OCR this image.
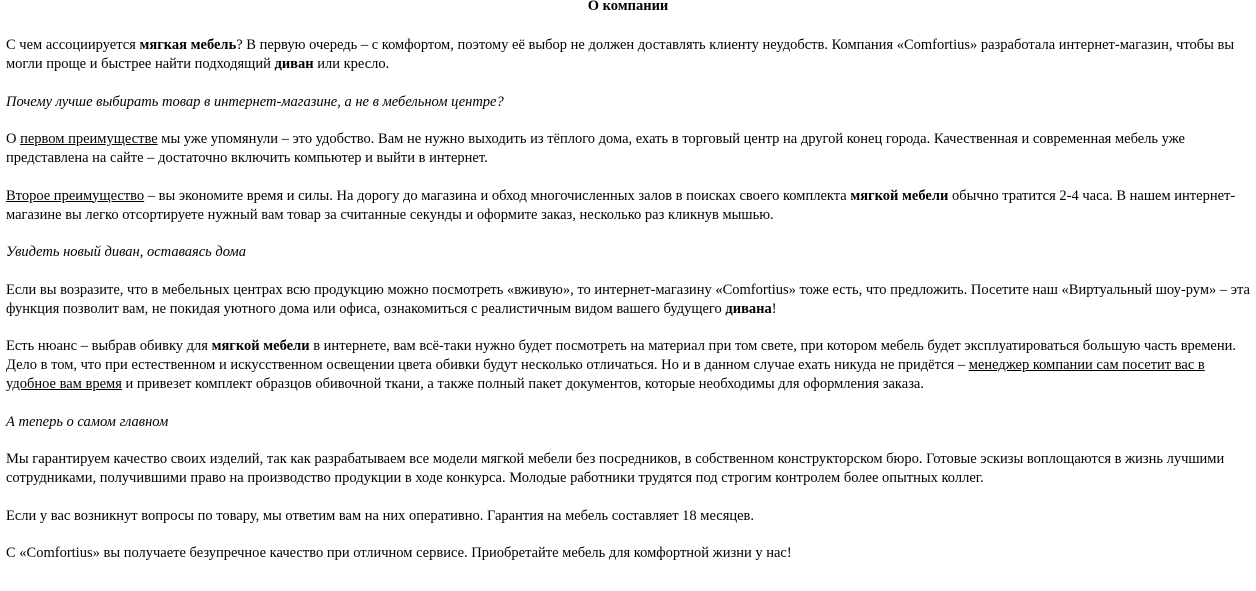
О компании

С чем ассоциируется мягкая мебель? В первую очередь – с комфортом, поэтому её выбор не должен доставлять клиенту неудобств. Компания «Comfortius» разработала интернет-магазин, чтобы вы могли проще и быстрее найти подходящий диван или кресло.

Почему лучше выбирать товар в интернет-магазине, а не в мебельном центре?

О первом преимуществе мы уже упомянули – это удобство. Вам не нужно выходить из тёплого дома, ехать в торговый центр на другой конец города. Качественная и современная мебель уже представлена на сайте – достаточно включить компьютер и выйти в интернет.

Второе преимущество – вы экономите время и силы. На дорогу до магазина и обход многочисленных залов в поисках своего комплекта мягкой мебели обычно тратится 2-4 часа. В нашем интернет-магазине вы легко отсортируете нужный вам товар за считанные секунды и оформите заказ, несколько раз кликнув мышью.

Увидеть новый диван, оставаясь дома

Если вы возразите, что в мебельных центрах всю продукцию можно посмотреть «вживую», то интернет-магазину «Comfortius» тоже есть, что предложить. Посетите наш «Виртуальный шоу-рум» – эта функция позволит вам, не покидая уютного дома или офиса, ознакомиться с реалистичным видом вашего будущего дивана!

Есть нюанс – выбрав обивку для мягкой мебели в интернете, вам всё-таки нужно будет посмотреть на материал при том свете, при котором мебель будет эксплуатироваться большую часть времени. Дело в том, что при естественном и искусственном освещении цвета обивки будут несколько отличаться. Но и в данном случае ехать никуда не придётся – менеджер компании сам посетит вас в удобное вам время и привезет комплект образцов обивочной ткани, а также полный пакет документов, которые необходимы для оформления заказа.

А теперь о самом главном

Мы гарантируем качество своих изделий, так как разрабатываем все модели мягкой мебели без посредников, в собственном конструкторском бюро. Готовые эскизы воплощаются в жизнь лучшими сотрудниками, получившими право на производство продукции в ходе конкурса. Молодые работники трудятся под строгим контролем более опытных коллег.

Если у вас возникнут вопросы по товару, мы ответим вам на них оперативно. Гарантия на мебель составляет 18 месяцев.

С «Comfortius» вы получаете безупречное качество при отличном сервисе. Приобретайте мебель для комфортной жизни у нас!
